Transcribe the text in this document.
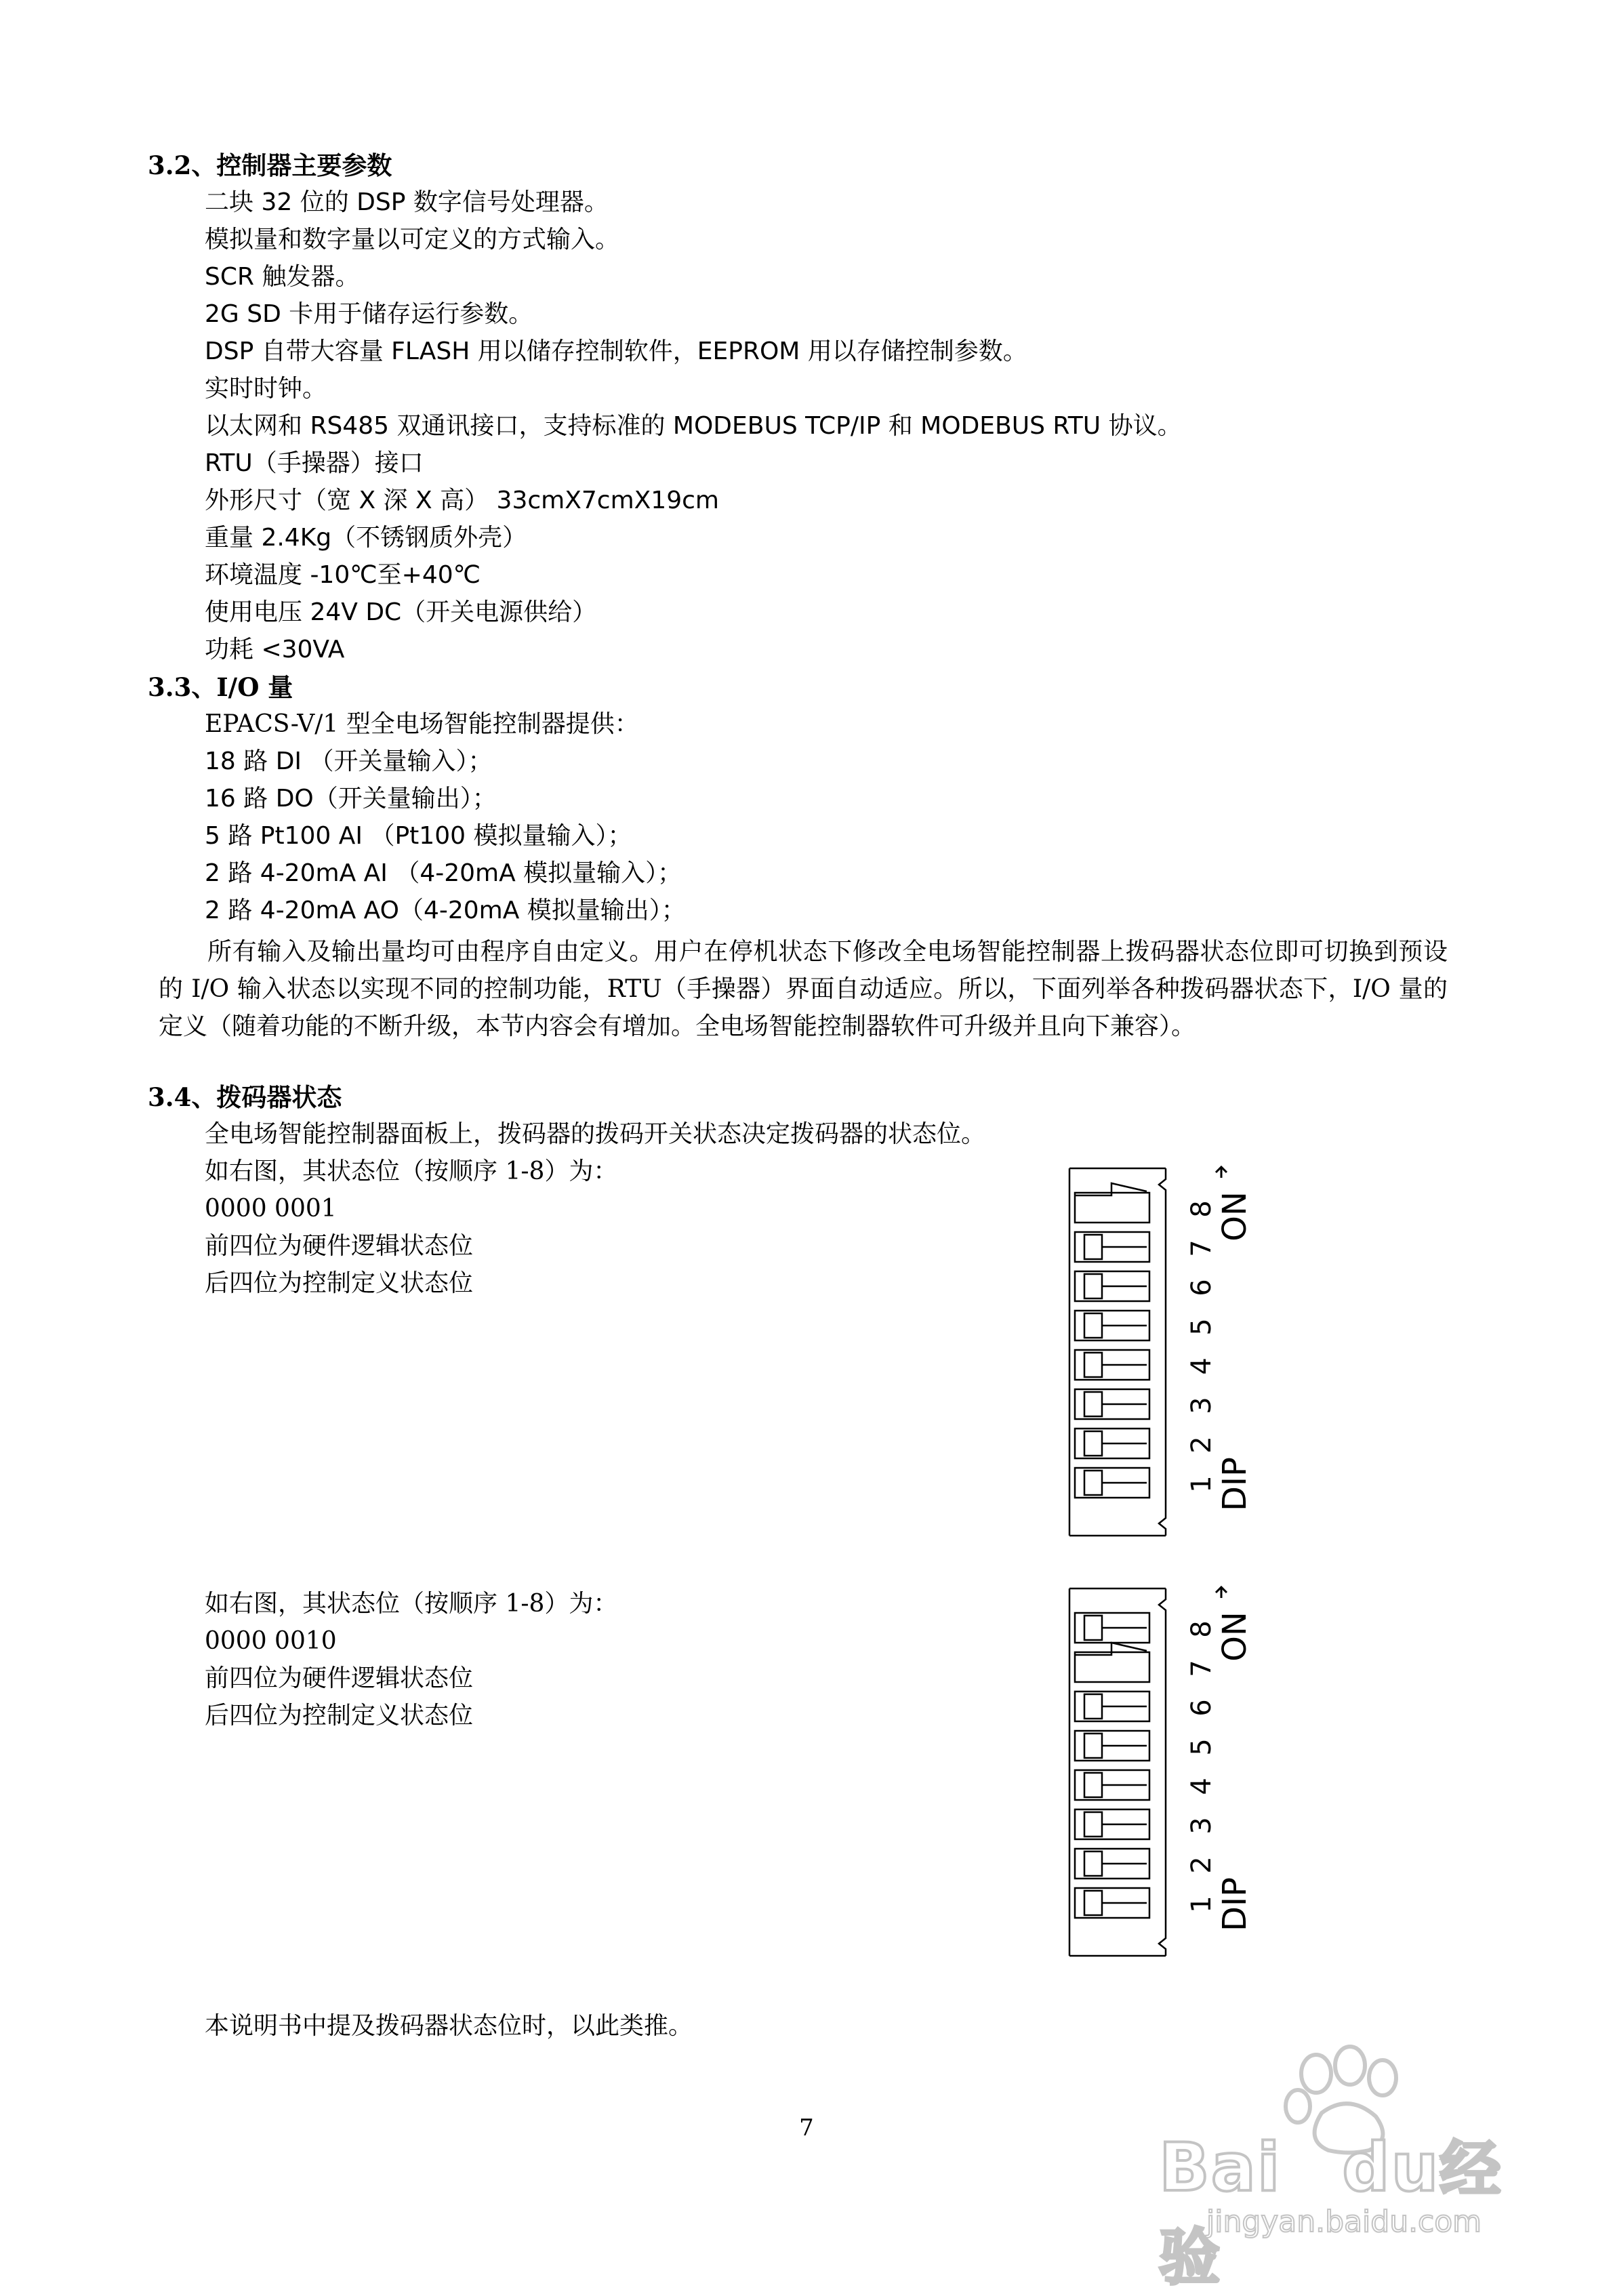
3.2、控制器主要参数
二块 32 位的 DSP 数字信号处理器。
模拟量和数字量以可定义的方式输入。
SCR 触发器。
2G SD 卡用于储存运行参数。
DSP 自带大容量 FLASH 用以储存控制软件，EEPROM 用以存储控制参数。
实时时钟。
以太网和 RS485 双通讯接口，支持标准的 MODEBUS TCP/IP 和 MODEBUS RTU 协议。
RTU（手操器）接口
外形尺寸（宽 X 深 X 高） 33cmX7cmX19cm
重量 2.4Kg（不锈钢质外壳）
环境温度 -10℃至+40℃
使用电压 24V DC（开关电源供给）
功耗 <30VA
3.3、I/O 量
EPACS-V/1 型全电场智能控制器提供：
18 路 DI （开关量输入）；
16 路 DO（开关量输出）；
5 路 Pt100 AI （Pt100 模拟量输入）；
2 路 4-20mA AI （4-20mA 模拟量输入）；
2 路 4-20mA AO（4-20mA 模拟量输出）；
所有输入及输出量均可由程序自由定义。用户在停机状态下修改全电场智能控制器上拨码器状态位即可切换到预设的 I/O 输入状态以实现不同的控制功能，RTU（手操器）界面自动适应。所以，下面列举各种拨码器状态下，I/O 量的定义（随着功能的不断升级，本节内容会有增加。全电场智能控制器软件可升级并且向下兼容）。
3.4、拨码器状态
全电场智能控制器面板上，拨码器的拨码开关状态决定拨码器的状态位。
如右图，其状态位（按顺序 1-8）为：
0000 0001
前四位为硬件逻辑状态位
后四位为控制定义状态位
8
7
6
5
4
3
2
1
DIP
ON
如右图，其状态位（按顺序 1-8）为：
0000 0010
前四位为硬件逻辑状态位
后四位为控制定义状态位
8
7
6
5
4
3
2
1
DIP
ON
本说明书中提及拨码器状态位时，以此类推。
7
Bai du经验
jingyan.baidu.com
